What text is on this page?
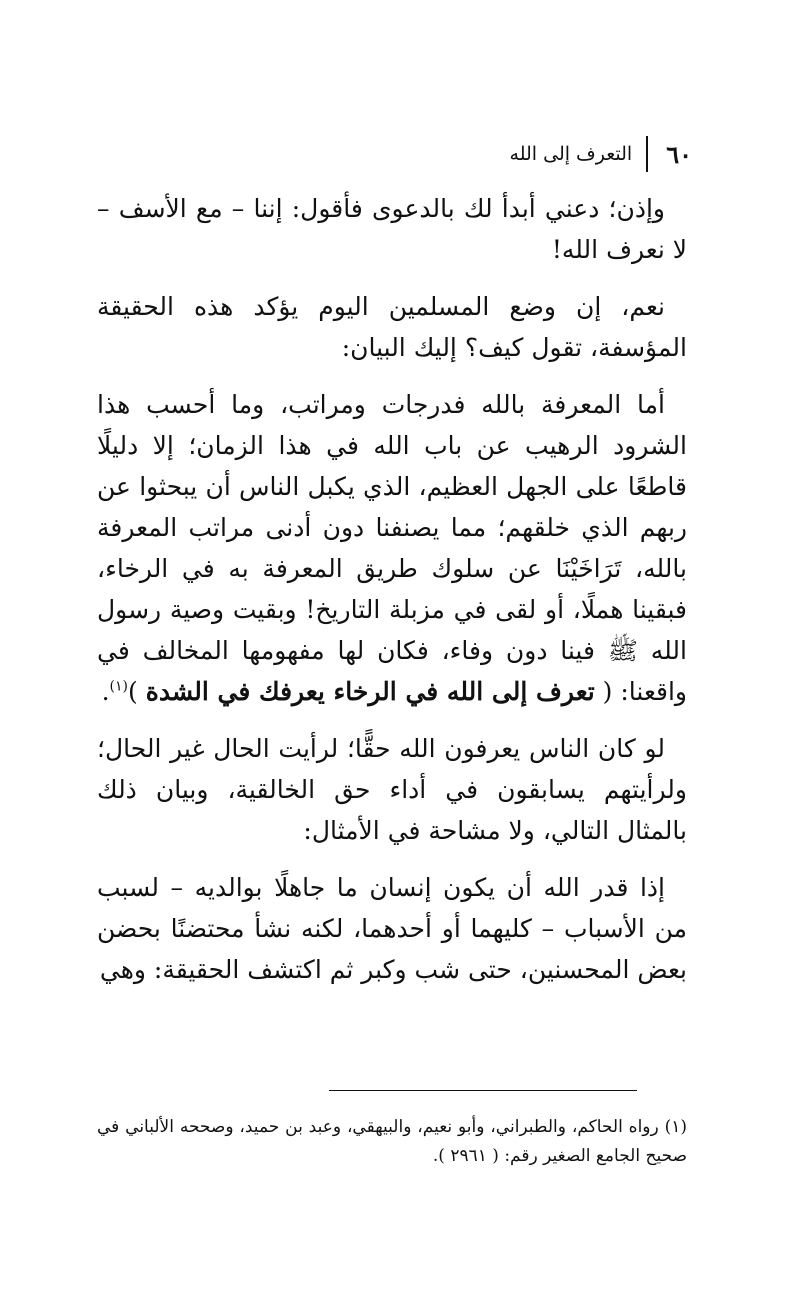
٦٠
التعرف إلى الله

وإذن؛ دعني أبدأ لك بالدعوى فأقول: إننا – مع الأسف – لا نعرف الله!

نعم، إن وضع المسلمين اليوم يؤكد هذه الحقيقة المؤسفة، تقول كيف؟ إليك البيان:

أما المعرفة بالله فدرجات ومراتب، وما أحسب هذا الشرود الرهيب عن باب الله في هذا الزمان؛ إلا دليلًا قاطعًا على الجهل العظيم، الذي يكبل الناس أن يبحثوا عن ربهم الذي خلقهم؛ مما يصنفنا دون أدنى مراتب المعرفة بالله، تَرَاخَيْنَا عن سلوك طريق المعرفة به في الرخاء، فبقينا هملًا، أو لقى في مزبلة التاريخ! وبقيت وصية رسول الله ﷺ فينا دون وفاء، فكان لها مفهومها المخالف في واقعنا: ( تعرف إلى الله في الرخاء يعرفك في الشدة )$^{(١)}$.

لو كان الناس يعرفون الله حقًّا؛ لرأيت الحال غير الحال؛ ولرأيتهم يسابقون في أداء حق الخالقية، وبيان ذلك بالمثال التالي، ولا مشاحة في الأمثال:

إذا قدر الله أن يكون إنسان ما جاهلًا بوالديه – لسبب من الأسباب – كليهما أو أحدهما، لكنه نشأ محتضنًا بحضن بعض المحسنين، حتى شب وكبر ثم اكتشف الحقيقة: وهي

(١) رواه الحاكم، والطبراني، وأبو نعيم، والبيهقي، وعبد بن حميد، وصححه الألباني في صحيح الجامع الصغير رقم: ( ٢٩٦١ ).
